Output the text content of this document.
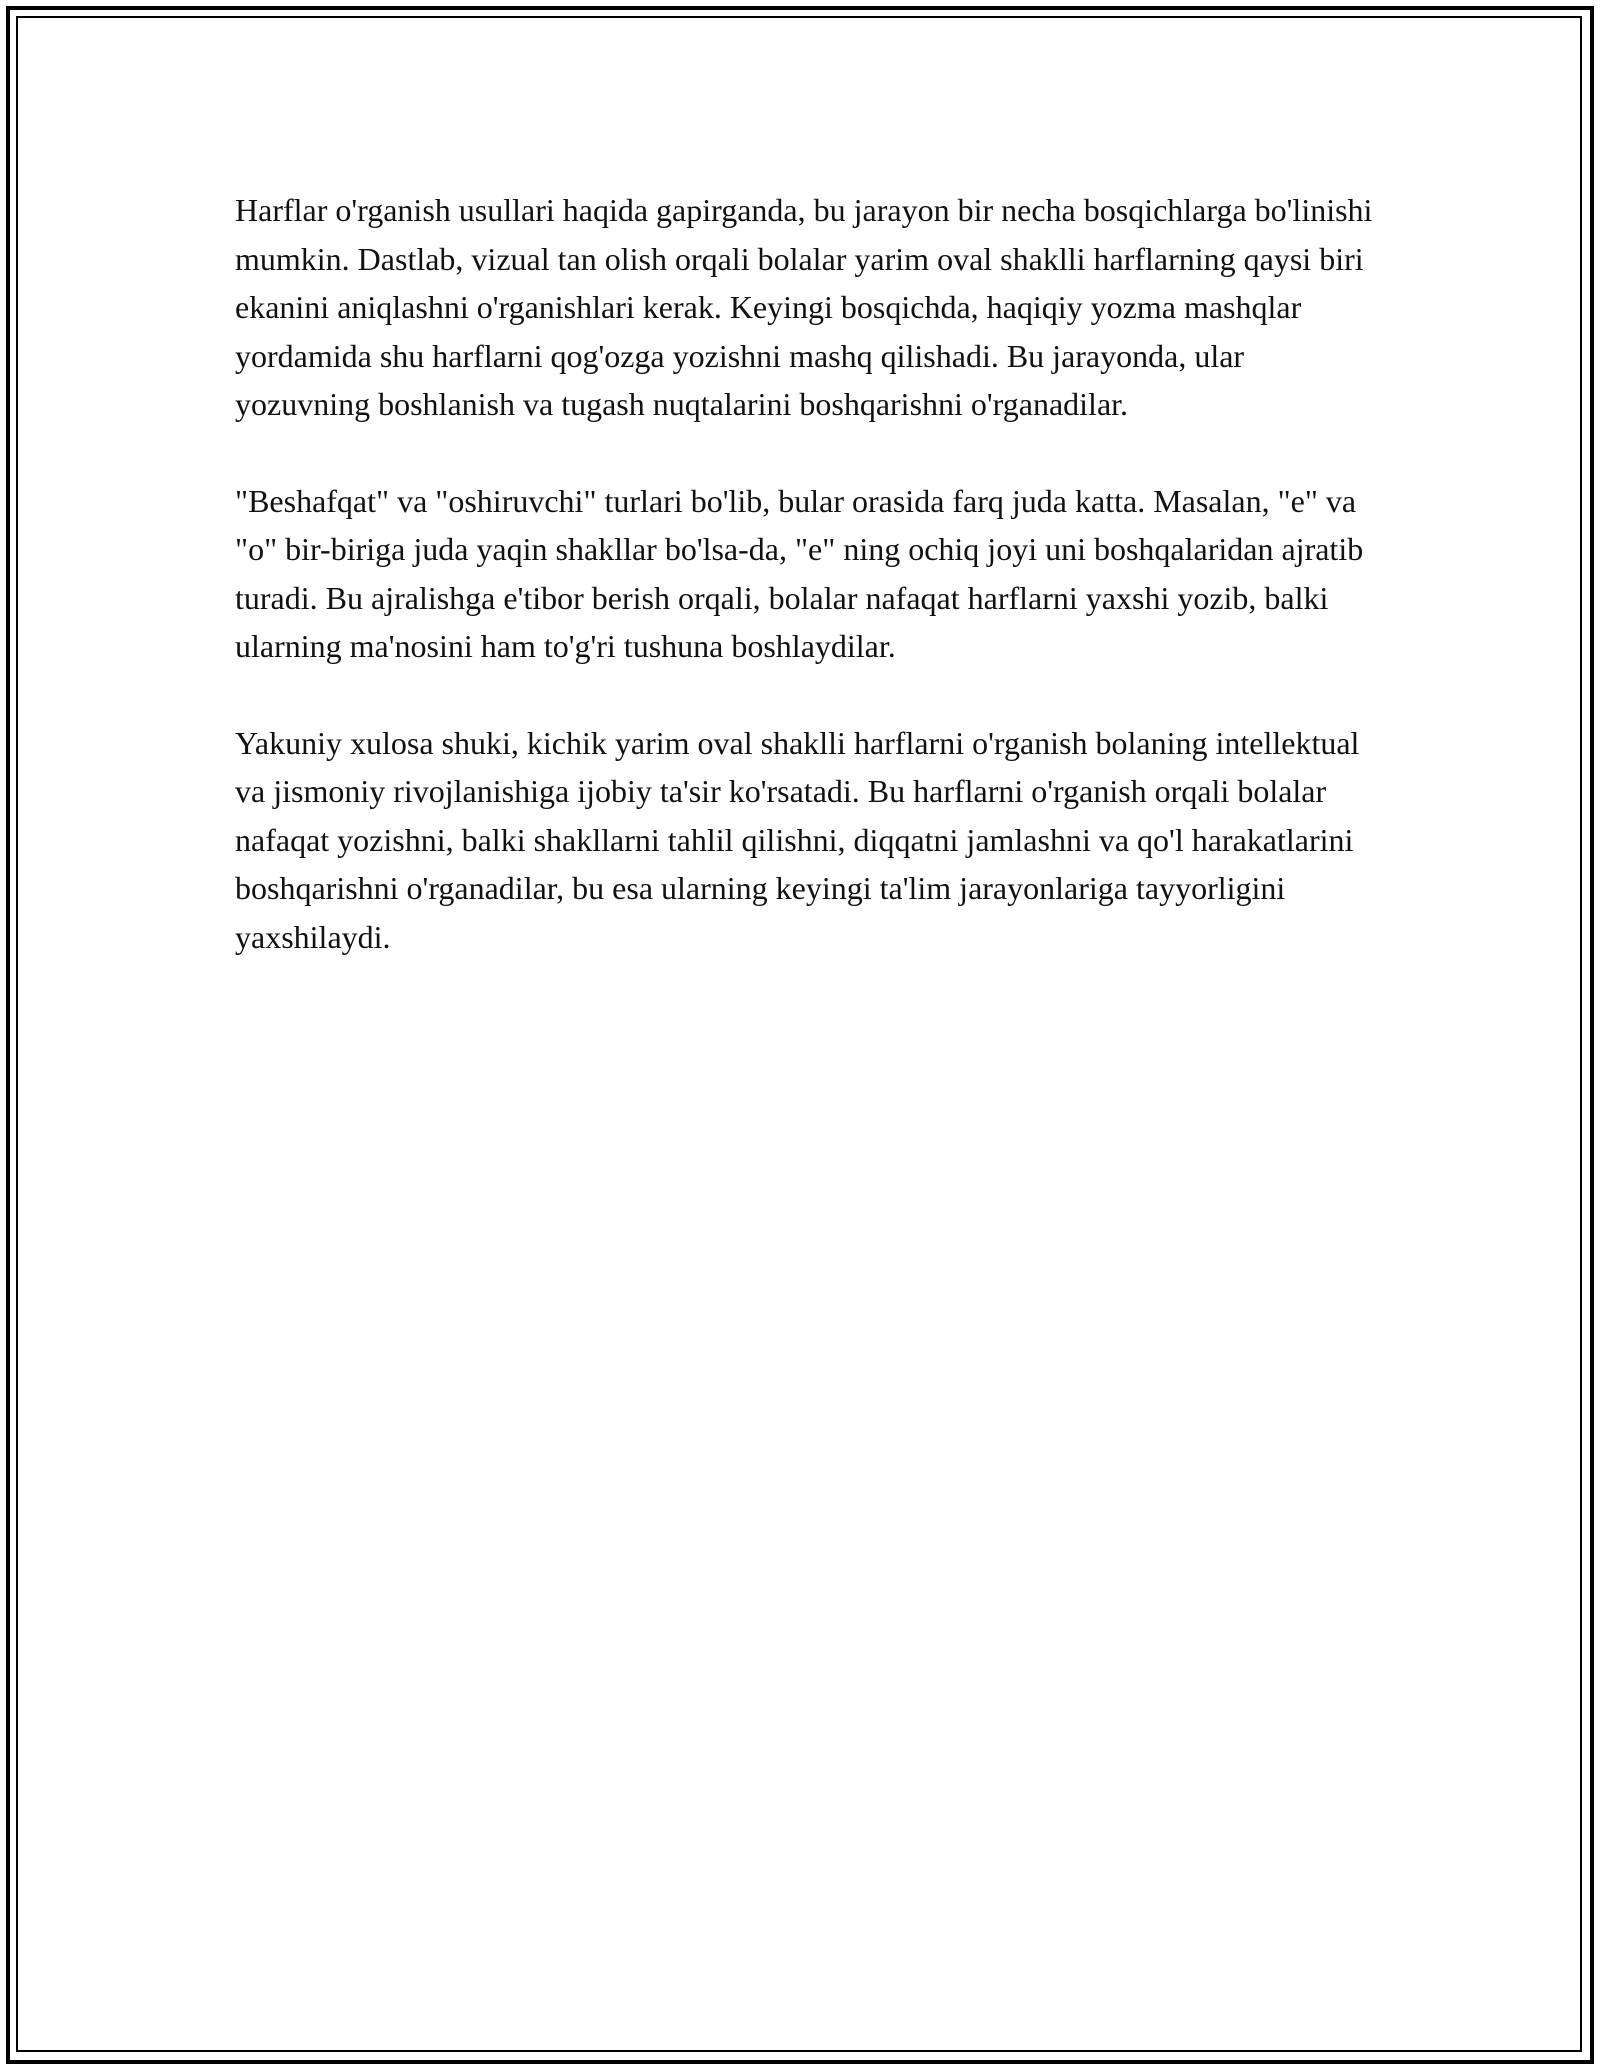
Harflar o'rganish usullari haqida gapirganda, bu jarayon bir necha bosqichlarga bo'linishi mumkin. Dastlab, vizual tan olish orqali bolalar yarim oval shaklli harflarning qaysi biri ekanini aniqlashni o'rganishlari kerak. Keyingi bosqichda, haqiqiy yozma mashqlar yordamida shu harflarni qog'ozga yozishni mashq qilishadi. Bu jarayonda, ular yozuvning boshlanish va tugash nuqtalarini boshqarishni o'rganadilar.

"Beshafqat" va "oshiruvchi" turlari bo'lib, bular orasida farq juda katta. Masalan, "e" va "o" bir-biriga juda yaqin shakllar bo'lsa-da, "e" ning ochiq joyi uni boshqalaridan ajratib turadi. Bu ajralishga e'tibor berish orqali, bolalar nafaqat harflarni yaxshi yozib, balki ularning ma'nosini ham to'g'ri tushuna boshlaydilar.

Yakuniy xulosa shuki, kichik yarim oval shaklli harflarni o'rganish bolaning intellektual va jismoniy rivojlanishiga ijobiy ta'sir ko'rsatadi. Bu harflarni o'rganish orqali bolalar nafaqat yozishni, balki shakllarni tahlil qilishni, diqqatni jamlashni va qo'l harakatlarini boshqarishni o'rganadilar, bu esa ularning keyingi ta'lim jarayonlariga tayyorligini yaxshilaydi.
